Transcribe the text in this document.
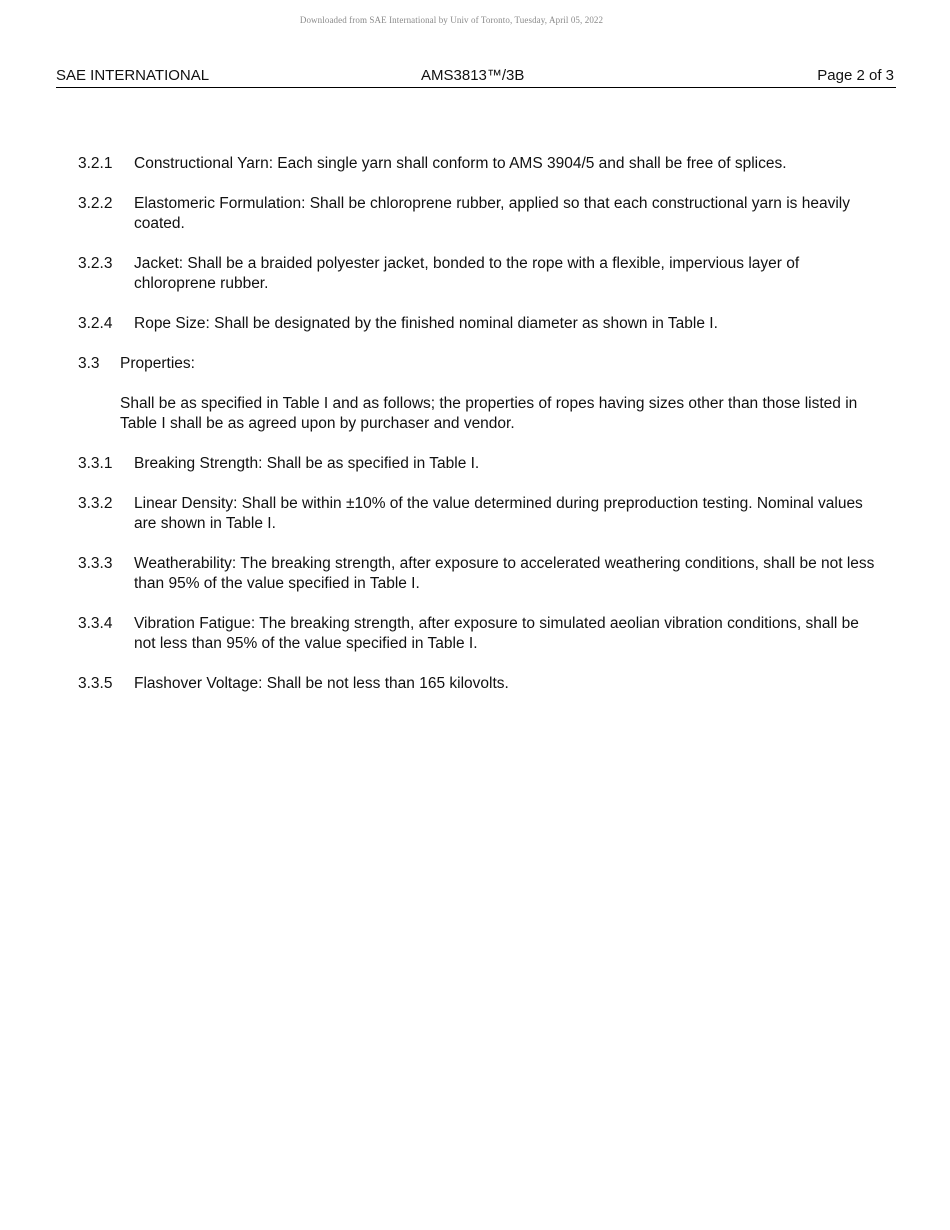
Downloaded from SAE International by Univ of Toronto, Tuesday, April 05, 2022
SAE INTERNATIONAL	AMS3813™/3B	Page 2 of 3
3.2.1 Constructional Yarn: Each single yarn shall conform to AMS 3904/5 and shall be free of splices.
3.2.2 Elastomeric Formulation: Shall be chloroprene rubber, applied so that each constructional yarn is heavily coated.
3.2.3 Jacket: Shall be a braided polyester jacket, bonded to the rope with a flexible, impervious layer of chloroprene rubber.
3.2.4 Rope Size: Shall be designated by the finished nominal diameter as shown in Table I.
3.3 Properties:
Shall be as specified in Table I and as follows; the properties of ropes having sizes other than those listed in Table I shall be as agreed upon by purchaser and vendor.
3.3.1 Breaking Strength: Shall be as specified in Table I.
3.3.2 Linear Density: Shall be within ±10% of the value determined during preproduction testing. Nominal values are shown in Table I.
3.3.3 Weatherability: The breaking strength, after exposure to accelerated weathering conditions, shall be not less than 95% of the value specified in Table I.
3.3.4 Vibration Fatigue: The breaking strength, after exposure to simulated aeolian vibration conditions, shall be not less than 95% of the value specified in Table I.
3.3.5 Flashover Voltage: Shall be not less than 165 kilovolts.
